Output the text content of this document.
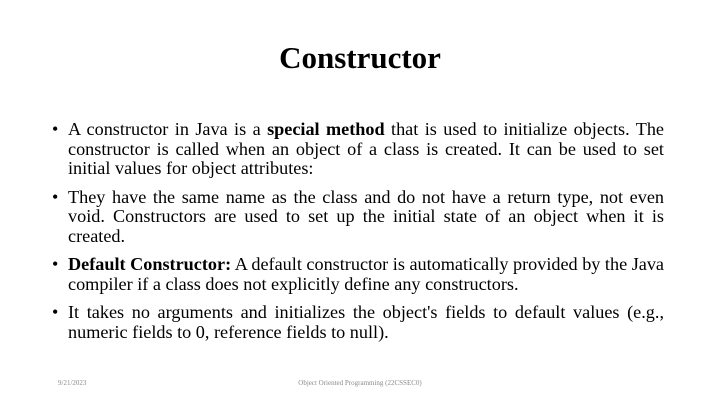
Constructor
• A constructor in Java is a special method that is used to initialize objects. The constructor is called when an object of a class is created. It can be used to set initial values for object attributes:
• They have the same name as the class and do not have a return type, not even void. Constructors are used to set up the initial state of an object when it is created.
• Default Constructor: A default constructor is automatically provided by the Java compiler if a class does not explicitly define any constructors.
• It takes no arguments and initializes the object's fields to default values (e.g., numeric fields to 0, reference fields to null).
9/21/2023	Object Oriented Programming (22CSSEC0)
